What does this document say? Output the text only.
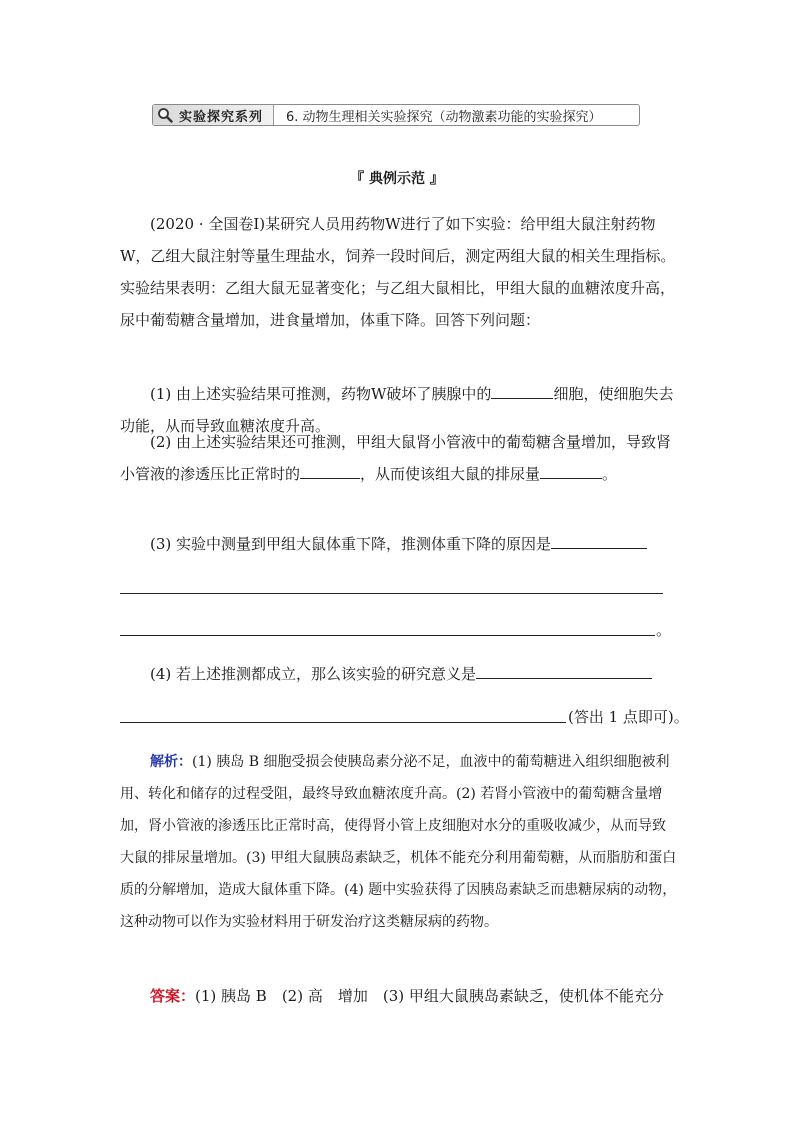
实验探究系列	6. 动物生理相关实验探究（动物激素功能的实验探究）
『 典例示范 』
(2020 · 全国卷Ⅰ)某研究人员用药物W进行了如下实验：给甲组大鼠注射药物W，乙组大鼠注射等量生理盐水，饲养一段时间后，测定两组大鼠的相关生理指标。实验结果表明：乙组大鼠无显著变化；与乙组大鼠相比，甲组大鼠的血糖浓度升高，尿中葡萄糖含量增加，进食量增加，体重下降。回答下列问题：
(1) 由上述实验结果可推测，药物W破坏了胰腺中的	细胞，使细胞失去功能，从而导致血糖浓度升高。
(2) 由上述实验结果还可推测，甲组大鼠肾小管液中的葡萄糖含量增加，导致肾小管液的渗透压比正常时的	，从而使该组大鼠的排尿量	。
(3) 实验中测量到甲组大鼠体重下降，推测体重下降的原因是
。
(4) 若上述推测都成立，那么该实验的研究意义是
(答出 1 点即可)。
解析：(1) 胰岛 B 细胞受损会使胰岛素分泌不足，血液中的葡萄糖进入组织细胞被利用、转化和储存的过程受阻，最终导致血糖浓度升高。(2) 若肾小管液中的葡萄糖含量增加，肾小管液的渗透压比正常时高，使得肾小管上皮细胞对水分的重吸收减少，从而导致大鼠的排尿量增加。(3) 甲组大鼠胰岛素缺乏，机体不能充分利用葡萄糖，从而脂肪和蛋白质的分解增加，造成大鼠体重下降。(4) 题中实验获得了因胰岛素缺乏而患糖尿病的动物，这种动物可以作为实验材料用于研发治疗这类糖尿病的药物。
答案：(1) 胰岛 B　(2) 高　增加　(3) 甲组大鼠胰岛素缺乏，使机体不能充分
